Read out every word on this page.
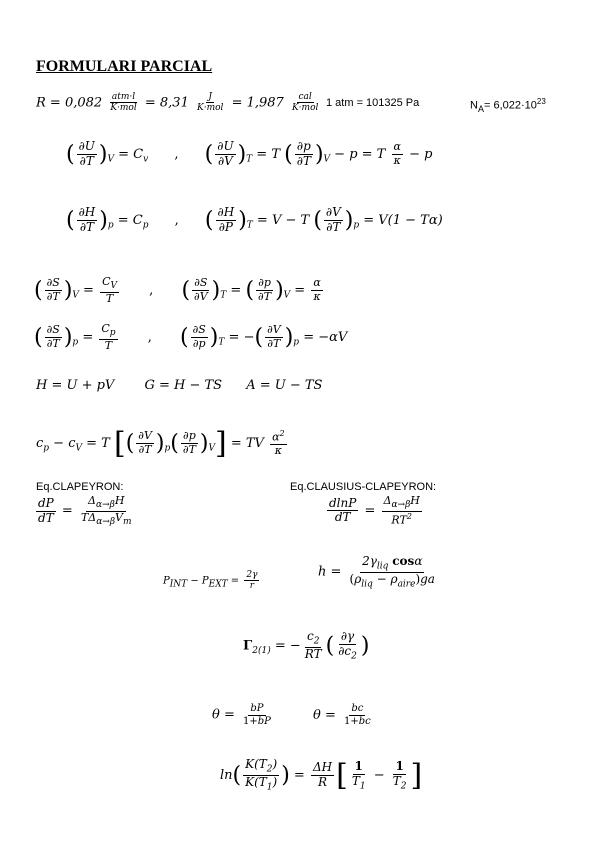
FORMULARI PARCIAL
$R = 0,082 \frac{\text{atm·l}}{\text{K·mol}} = 8,31 \frac{J}{\text{K·mol}} = 1,987 \frac{\text{cal}}{\text{K·mol}} 1$ atm = 101325 Pa	$N_A= 6,022\cdot 10^{23}$
( $\frac{\partial U}{\partial T} )_V = C_v$ , ( $\frac{\partial U}{\partial V} )_T = T$ ( $\frac{\partial p}{\partial T} )_V - p = T \frac{\alpha}{\kappa} - p$
( $\frac{\partial H}{\partial T} )_p = C_p$ , ( $\frac{\partial H}{\partial P} )_T = V - T$ ( $\frac{\partial V}{\partial T} )_p = V(1 - T\alpha)$
( $\frac{\partial S}{\partial T} )_V = \frac{C_V}{T}$ , ( $\frac{\partial S}{\partial V} )_T$ = ( $\frac{\partial p}{\partial T} )_V = \frac{\alpha}{\kappa}$
( $\frac{\partial S}{\partial T} )_p = \frac{C_p}{T}$ , ( $\frac{\partial S}{\partial p} )_T$ = −( $\frac{\partial V}{\partial T} )_p = -\alpha V$
H = U + pV G = H − TS A = U − TS
$c_p - c_V = T$ [( $\frac{\partial V}{\partial T} )_p( \frac{\partial p}{\partial T} )_V$] = TV $\frac{\alpha^2}{\kappa}$
Eq.CLAPEYRON:	Eq.CLAUSIUS-CLAPEYRON:
$\frac{dP}{dT} = \frac{\Delta_{\alpha\to\beta}H}{T\Delta_{\alpha\to\beta}V_m}$	$\frac{dlnP}{dT} = \frac{\Delta_{\alpha\to\beta}H}{RT^2}$
$P_{INT} - P_{EXT} = \frac{2\gamma}{r}$	$h = \frac{2\gamma_{liq} \cos\alpha}{(\rho_{liq} - \rho_{aire})ga}$
$\Gamma_{2(1)}$ = − $\frac{c_2}{RT}$ ( $\frac{\partial\gamma}{\partial c_2}$ )
$\theta = \frac{bP}{1+bP}$	$\theta = \frac{bc}{1+bc}$
$\ln( \frac{K(T_2)}{K(T_1)}$ ) = $\frac{\Delta H}{R}$ [ $\frac{1}{T_1} - \frac{1}{T_2}$ ]
